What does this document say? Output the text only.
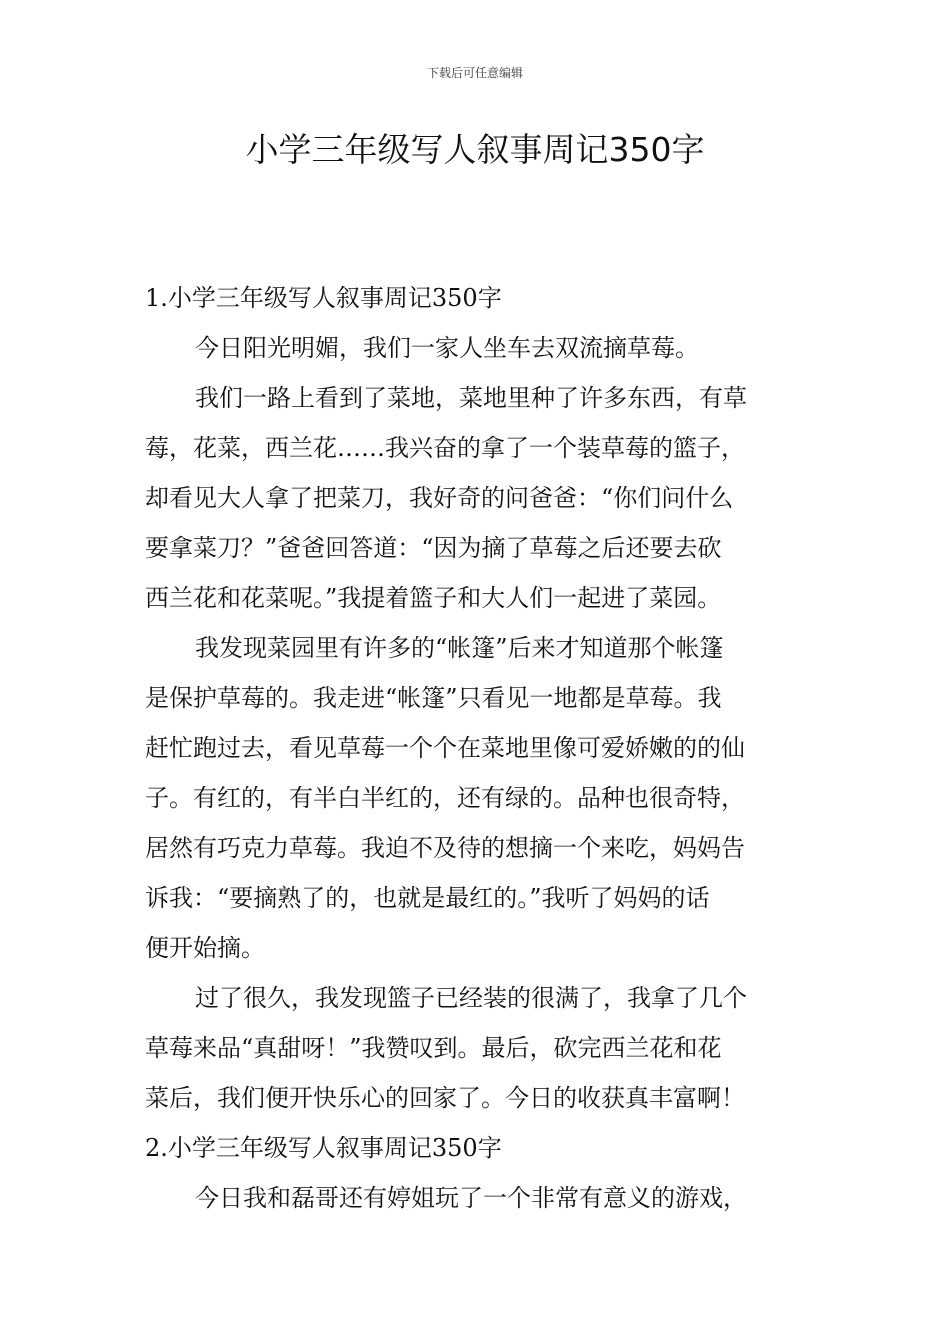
下载后可任意编辑
小学三年级写人叙事周记350字
1.小学三年级写人叙事周记350字
今日阳光明媚，我们一家人坐车去双流摘草莓。
我们一路上看到了菜地，菜地里种了许多东西，有草
莓，花菜，西兰花……我兴奋的拿了一个装草莓的篮子，
却看见大人拿了把菜刀，我好奇的问爸爸：“你们问什么
要拿菜刀？”爸爸回答道：“因为摘了草莓之后还要去砍
西兰花和花菜呢。”我提着篮子和大人们一起进了菜园。
我发现菜园里有许多的“帐篷”后来才知道那个帐篷
是保护草莓的。我走进“帐篷”只看见一地都是草莓。我
赶忙跑过去，看见草莓一个个在菜地里像可爱娇嫩的的仙
子。有红的，有半白半红的，还有绿的。品种也很奇特，
居然有巧克力草莓。我迫不及待的想摘一个来吃，妈妈告
诉我：“要摘熟了的，也就是最红的。”我听了妈妈的话
便开始摘。
过了很久，我发现篮子已经装的很满了，我拿了几个
草莓来品“真甜呀！”我赞叹到。最后，砍完西兰花和花
菜后，我们便开快乐心的回家了。今日的收获真丰富啊！
2.小学三年级写人叙事周记350字
今日我和磊哥还有婷姐玩了一个非常有意义的游戏，
